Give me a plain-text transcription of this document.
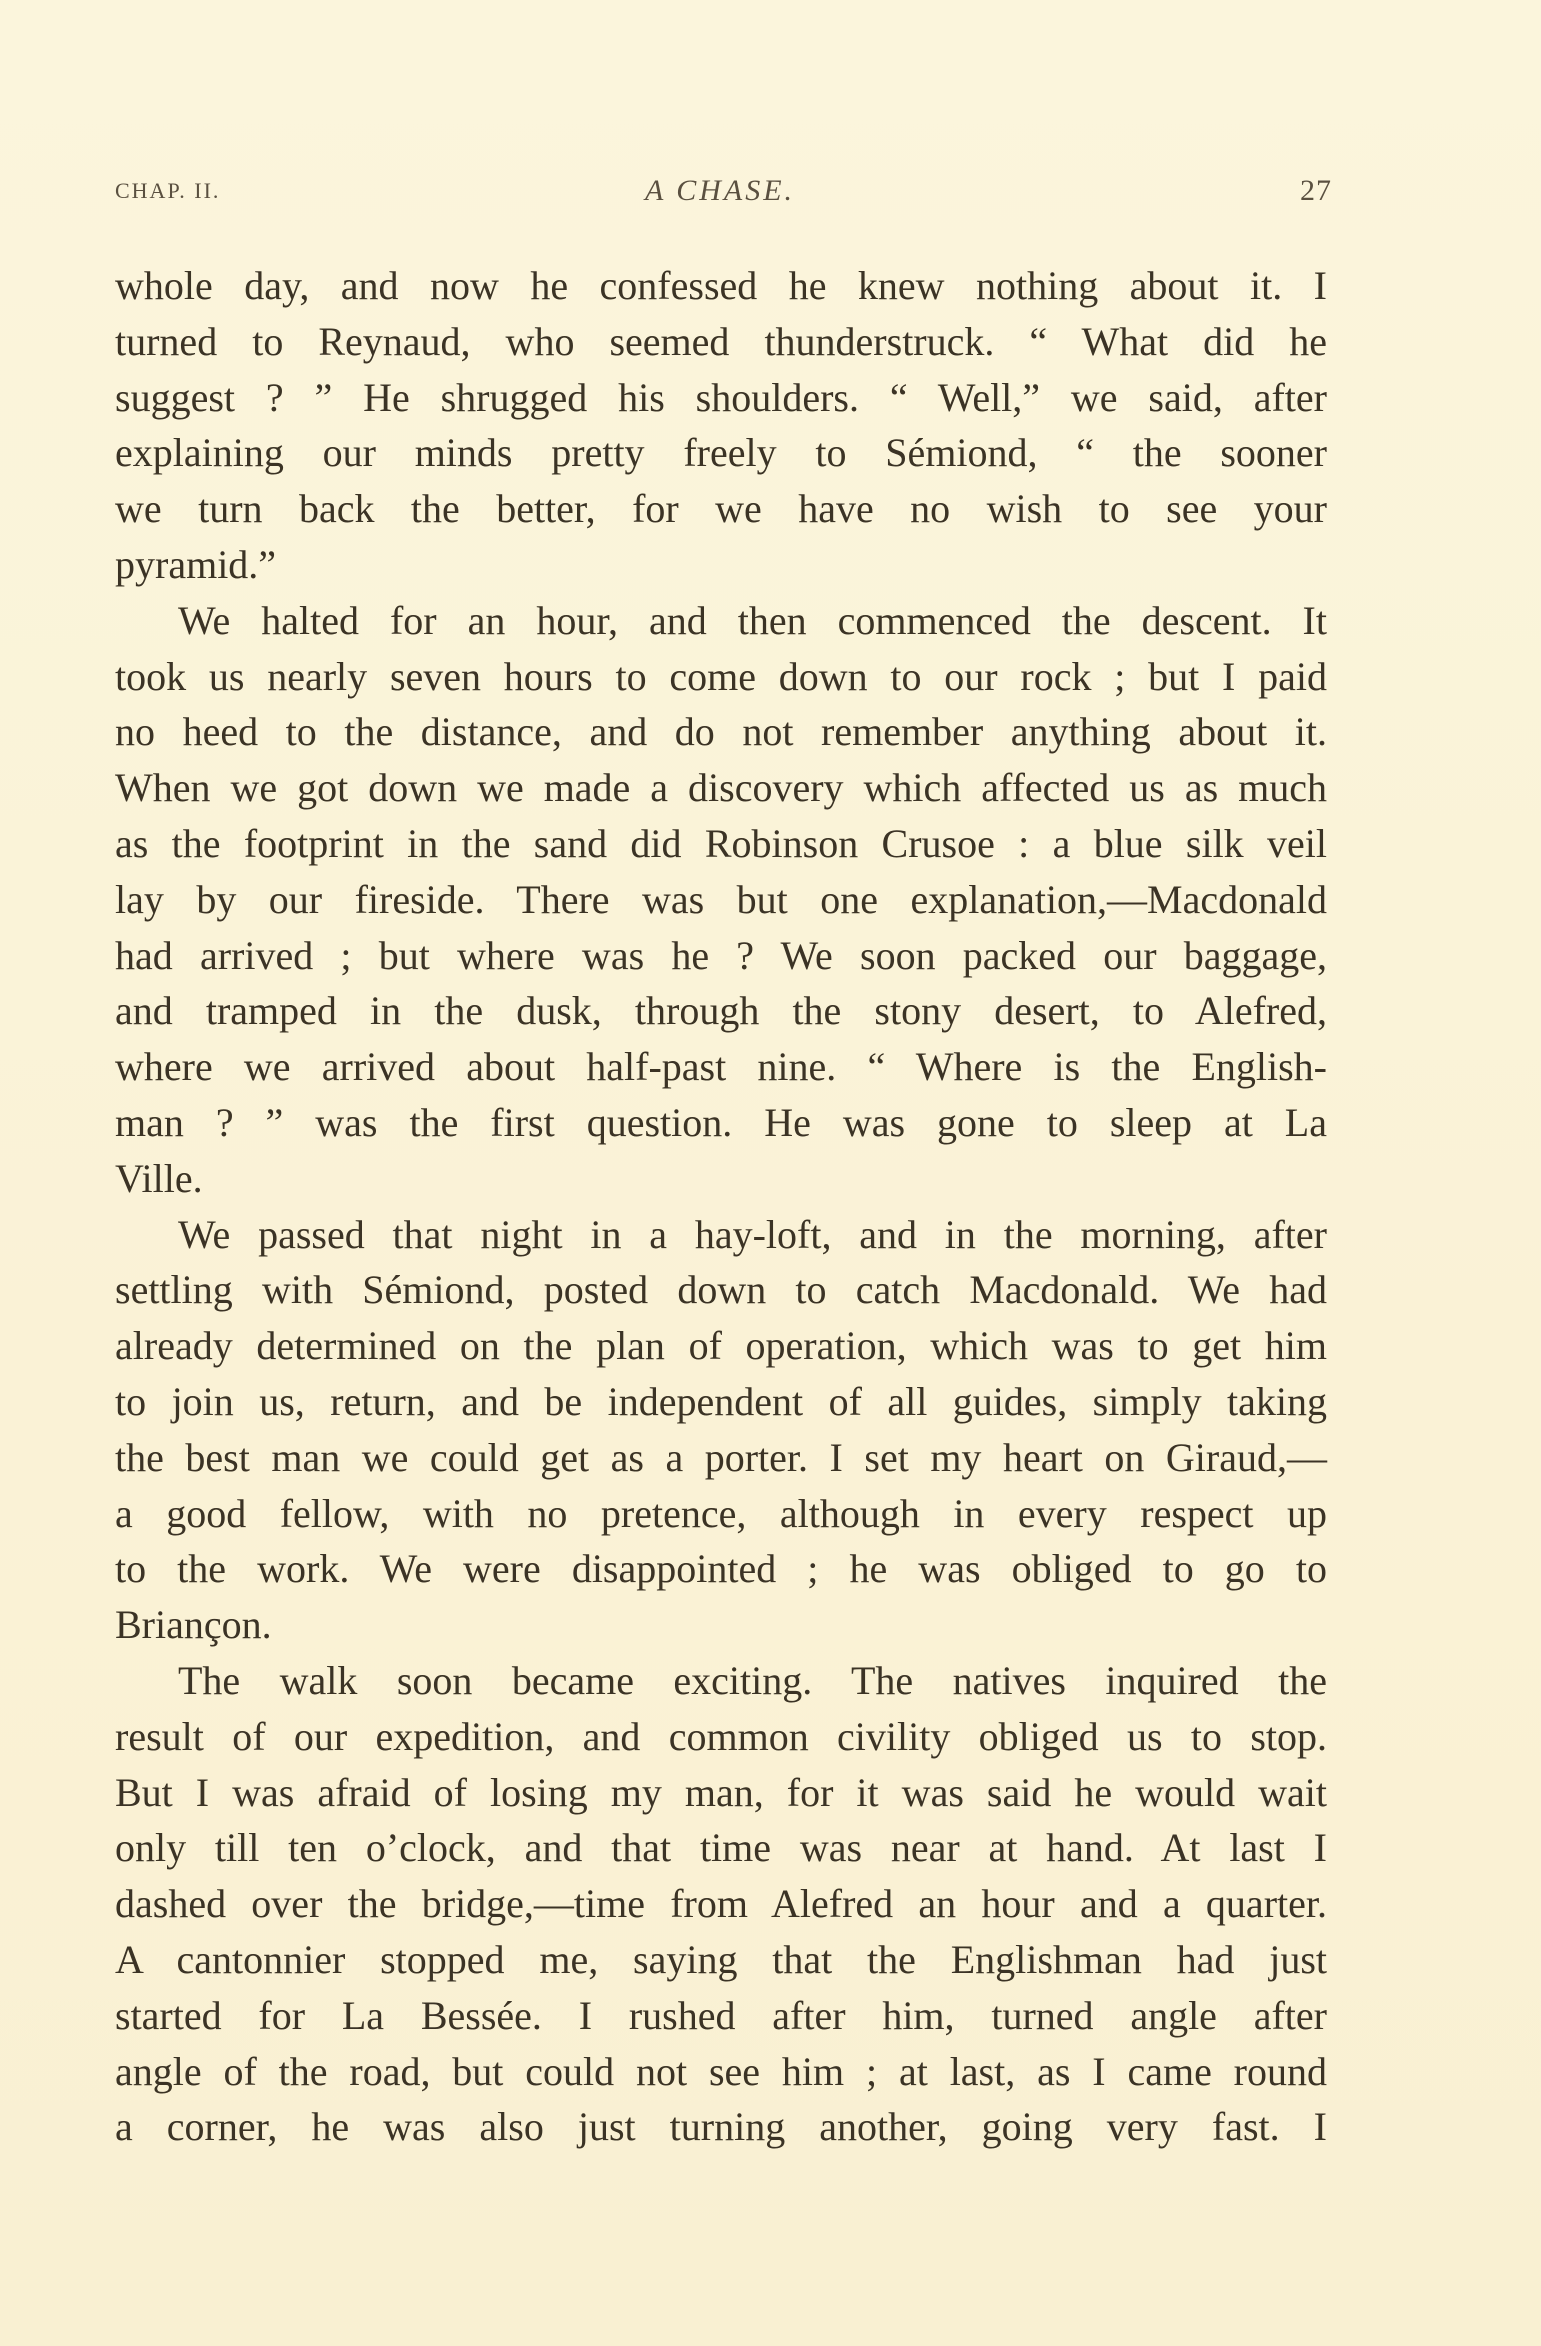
CHAP. II.	A CHASE.	27
whole day, and now he confessed he knew nothing about it. I
turned to Reynaud, who seemed thunderstruck. “ What did he
suggest ? ” He shrugged his shoulders. “ Well,” we said, after
explaining our minds pretty freely to Sémiond, “ the sooner
we turn back the better, for we have no wish to see your
pyramid.”
We halted for an hour, and then commenced the descent. It
took us nearly seven hours to come down to our rock ; but I paid
no heed to the distance, and do not remember anything about it.
When we got down we made a discovery which affected us as much
as the footprint in the sand did Robinson Crusoe : a blue silk veil
lay by our fireside. There was but one explanation,—Macdonald
had arrived ; but where was he ? We soon packed our baggage,
and tramped in the dusk, through the stony desert, to Alefred,
where we arrived about half-past nine. “ Where is the English-
man ? ” was the first question. He was gone to sleep at La
Ville.
We passed that night in a hay-loft, and in the morning, after
settling with Sémiond, posted down to catch Macdonald. We had
already determined on the plan of operation, which was to get him
to join us, return, and be independent of all guides, simply taking
the best man we could get as a porter. I set my heart on Giraud,—
a good fellow, with no pretence, although in every respect up
to the work. We were disappointed ; he was obliged to go to
Briançon.
The walk soon became exciting. The natives inquired the
result of our expedition, and common civility obliged us to stop.
But I was afraid of losing my man, for it was said he would wait
only till ten o’clock, and that time was near at hand. At last I
dashed over the bridge,—time from Alefred an hour and a quarter.
A cantonnier stopped me, saying that the Englishman had just
started for La Bessée. I rushed after him, turned angle after
angle of the road, but could not see him ; at last, as I came round
a corner, he was also just turning another, going very fast. I
